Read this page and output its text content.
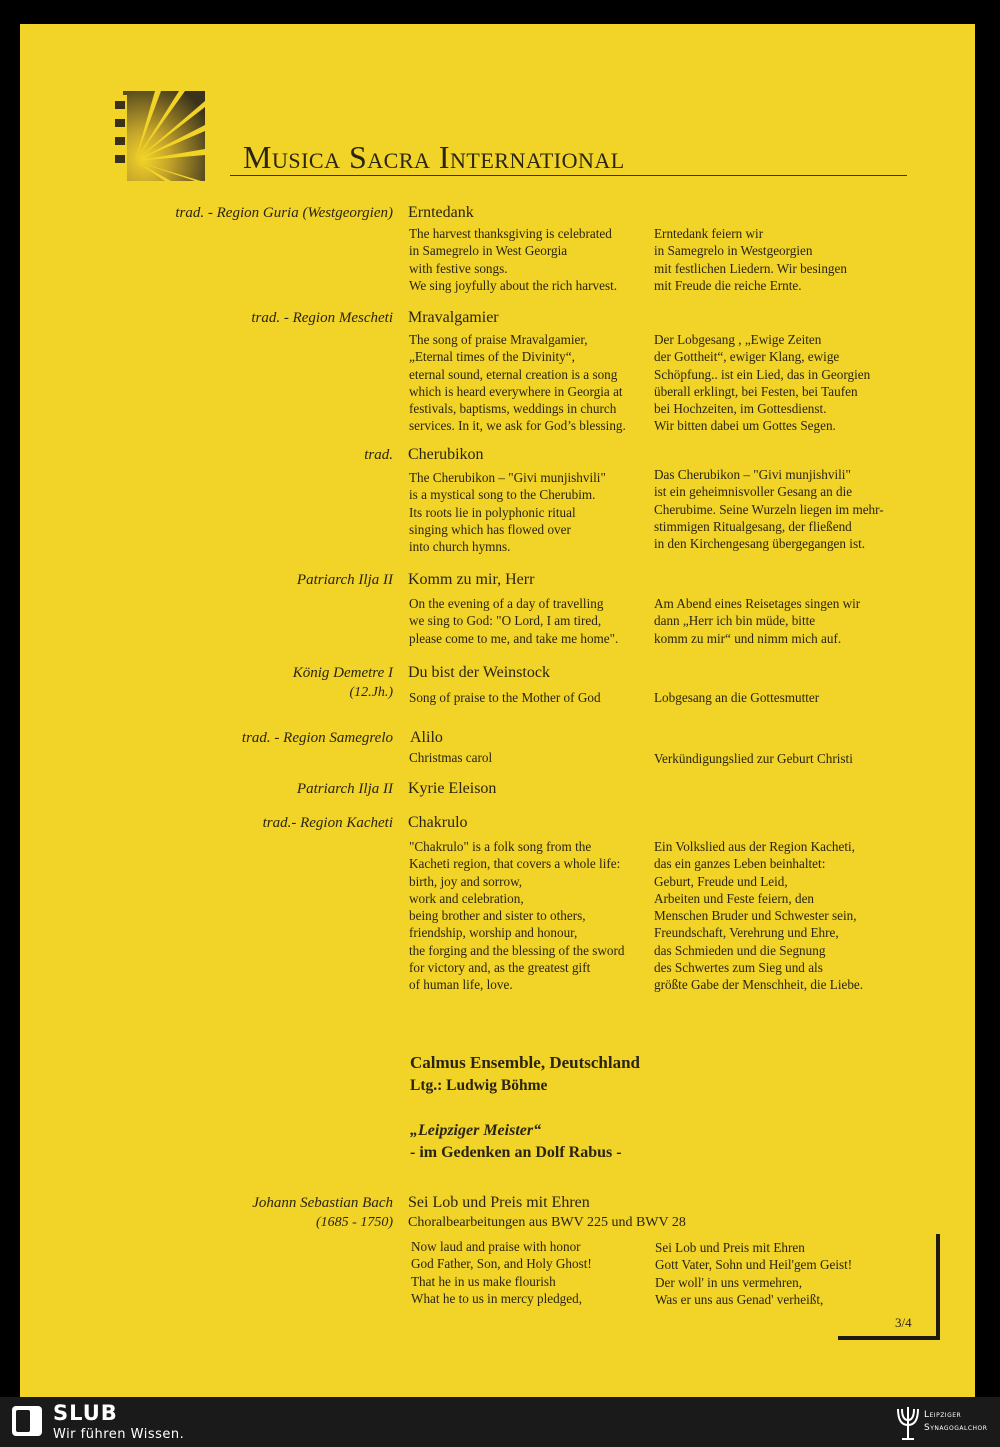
Musica Sacra International
trad. - Region Guria (Westgeorgien) Erntedank
The harvest thanksgiving is celebrated
in Samegrelo in West Georgia
with festive songs.
We sing joyfully about the rich harvest.
Erntedank feiern wir
in Samegrelo in Westgeorgien
mit festlichen Liedern. Wir besingen
mit Freude die reiche Ernte.
trad. - Region Mescheti Mravalgamier
The song of praise Mravalgamier,
„Eternal times of the Divinity“,
eternal sound, eternal creation is a song
which is heard everywhere in Georgia at
festivals, baptisms, weddings in church
services. In it, we ask for God’s blessing.
Der Lobgesang , „Ewige Zeiten
der Gottheit“, ewiger Klang, ewige
Schöpfung.. ist ein Lied, das in Georgien
überall erklingt, bei Festen, bei Taufen
bei Hochzeiten, im Gottesdienst.
Wir bitten dabei um Gottes Segen.
trad. Cherubikon
The Cherubikon – "Givi munjishvili"
is a mystical song to the Cherubim.
Its roots lie in polyphonic ritual
singing which has flowed over
into church hymns.
Das Cherubikon – "Givi munjishvili"
ist ein geheimnisvoller Gesang an die
Cherubime. Seine Wurzeln liegen im mehr-
stimmigen Ritualgesang, der fließend
in den Kirchengesang übergegangen ist.
Patriarch Ilja II Komm zu mir, Herr
On the evening of a day of travelling
we sing to God: "O Lord, I am tired,
please come to me, and take me home".
Am Abend eines Reisetages singen wir
dann „Herr ich bin müde, bitte
komm zu mir“ und nimm mich auf.
König Demetre I
(12.Jh.)
Du bist der Weinstock
Song of praise to the Mother of God	Lobgesang an die Gottesmutter
trad. - Region Samegrelo Alilo
Christmas carol	Verkündigungslied zur Geburt Christi
Patriarch Ilja II Kyrie Eleison
trad.- Region Kacheti Chakrulo
"Chakrulo" is a folk song from the
Kacheti region, that covers a whole life:
birth, joy and sorrow,
work and celebration,
being brother and sister to others,
friendship, worship and honour,
the forging and the blessing of the sword
for victory and, as the greatest gift
of human life, love.
Ein Volkslied aus der Region Kacheti,
das ein ganzes Leben beinhaltet:
Geburt, Freude und Leid,
Arbeiten und Feste feiern, den
Menschen Bruder und Schwester sein,
Freundschaft, Verehrung und Ehre,
das Schmieden und die Segnung
des Schwertes zum Sieg und als
größte Gabe der Menschheit, die Liebe.
Calmus Ensemble, Deutschland
Ltg.: Ludwig Böhme
„Leipziger Meister“
- im Gedenken an Dolf Rabus -
Johann Sebastian Bach
(1685 - 1750)
Sei Lob und Preis mit Ehren
Choralbearbeitungen aus BWV 225 und BWV 28
Now laud and praise with honor
God Father, Son, and Holy Ghost!
That he in us make flourish
What he to us in mercy pledged,
Sei Lob und Preis mit Ehren
Gott Vater, Sohn und Heil'gem Geist!
Der woll' in uns vermehren,
Was er uns aus Genad' verheißt,
3/4
SLUB
Wir führen Wissen.
Leipziger
Synagogalchor
